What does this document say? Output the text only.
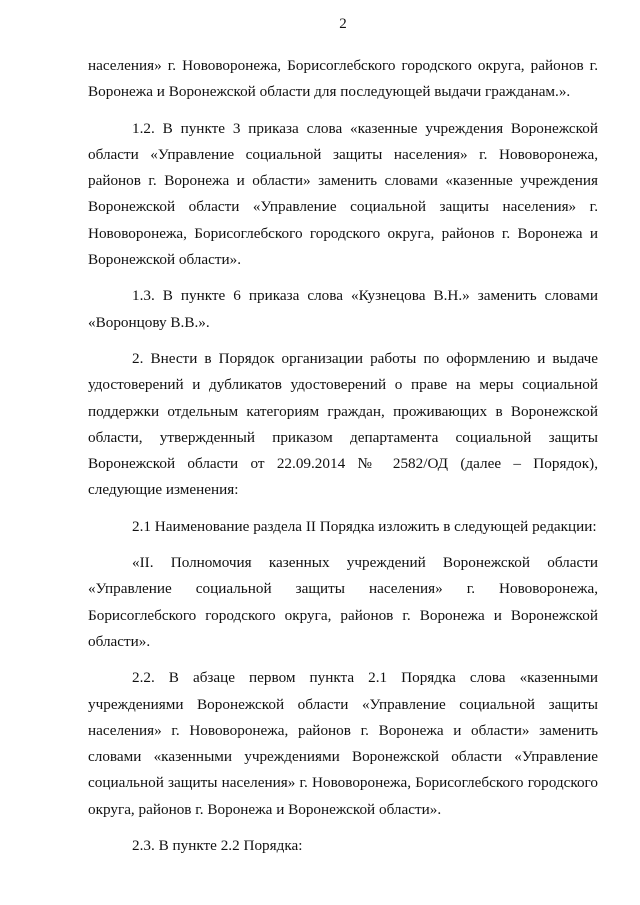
2

населения» г. Нововоронежа, Борисоглебского городского округа, районов г. Воронежа и Воронежской области для последующей выдачи гражданам.».

1.2. В пункте 3 приказа слова «казенные учреждения Воронежской области «Управление социальной защиты населения» г. Нововоронежа, районов г. Воронежа и области» заменить словами «казенные учреждения Воронежской области «Управление социальной защиты населения» г. Нововоронежа, Борисоглебского городского округа, районов г. Воронежа и Воронежской области».

1.3. В пункте 6 приказа слова «Кузнецова В.Н.» заменить словами «Воронцову В.В.».

2. Внести в Порядок организации работы по оформлению и выдаче удостоверений и дубликатов удостоверений о праве на меры социальной поддержки отдельным категориям граждан, проживающих в Воронежской области, утвержденный приказом департамента социальной защиты Воронежской области от 22.09.2014 № 2582/ОД (далее – Порядок), следующие изменения:

2.1 Наименование раздела II Порядка изложить в следующей редакции:

«II. Полномочия казенных учреждений Воронежской области «Управление социальной защиты населения» г. Нововоронежа, Борисоглебского городского округа, районов г. Воронежа и Воронежской области».

2.2. В абзаце первом пункта 2.1 Порядка слова «казенными учреждениями Воронежской области «Управление социальной защиты населения» г. Нововоронежа, районов г. Воронежа и области» заменить словами «казенными учреждениями Воронежской области «Управление социальной защиты населения» г. Нововоронежа, Борисоглебского городского округа, районов г. Воронежа и Воронежской области».

2.3. В пункте 2.2 Порядка:
